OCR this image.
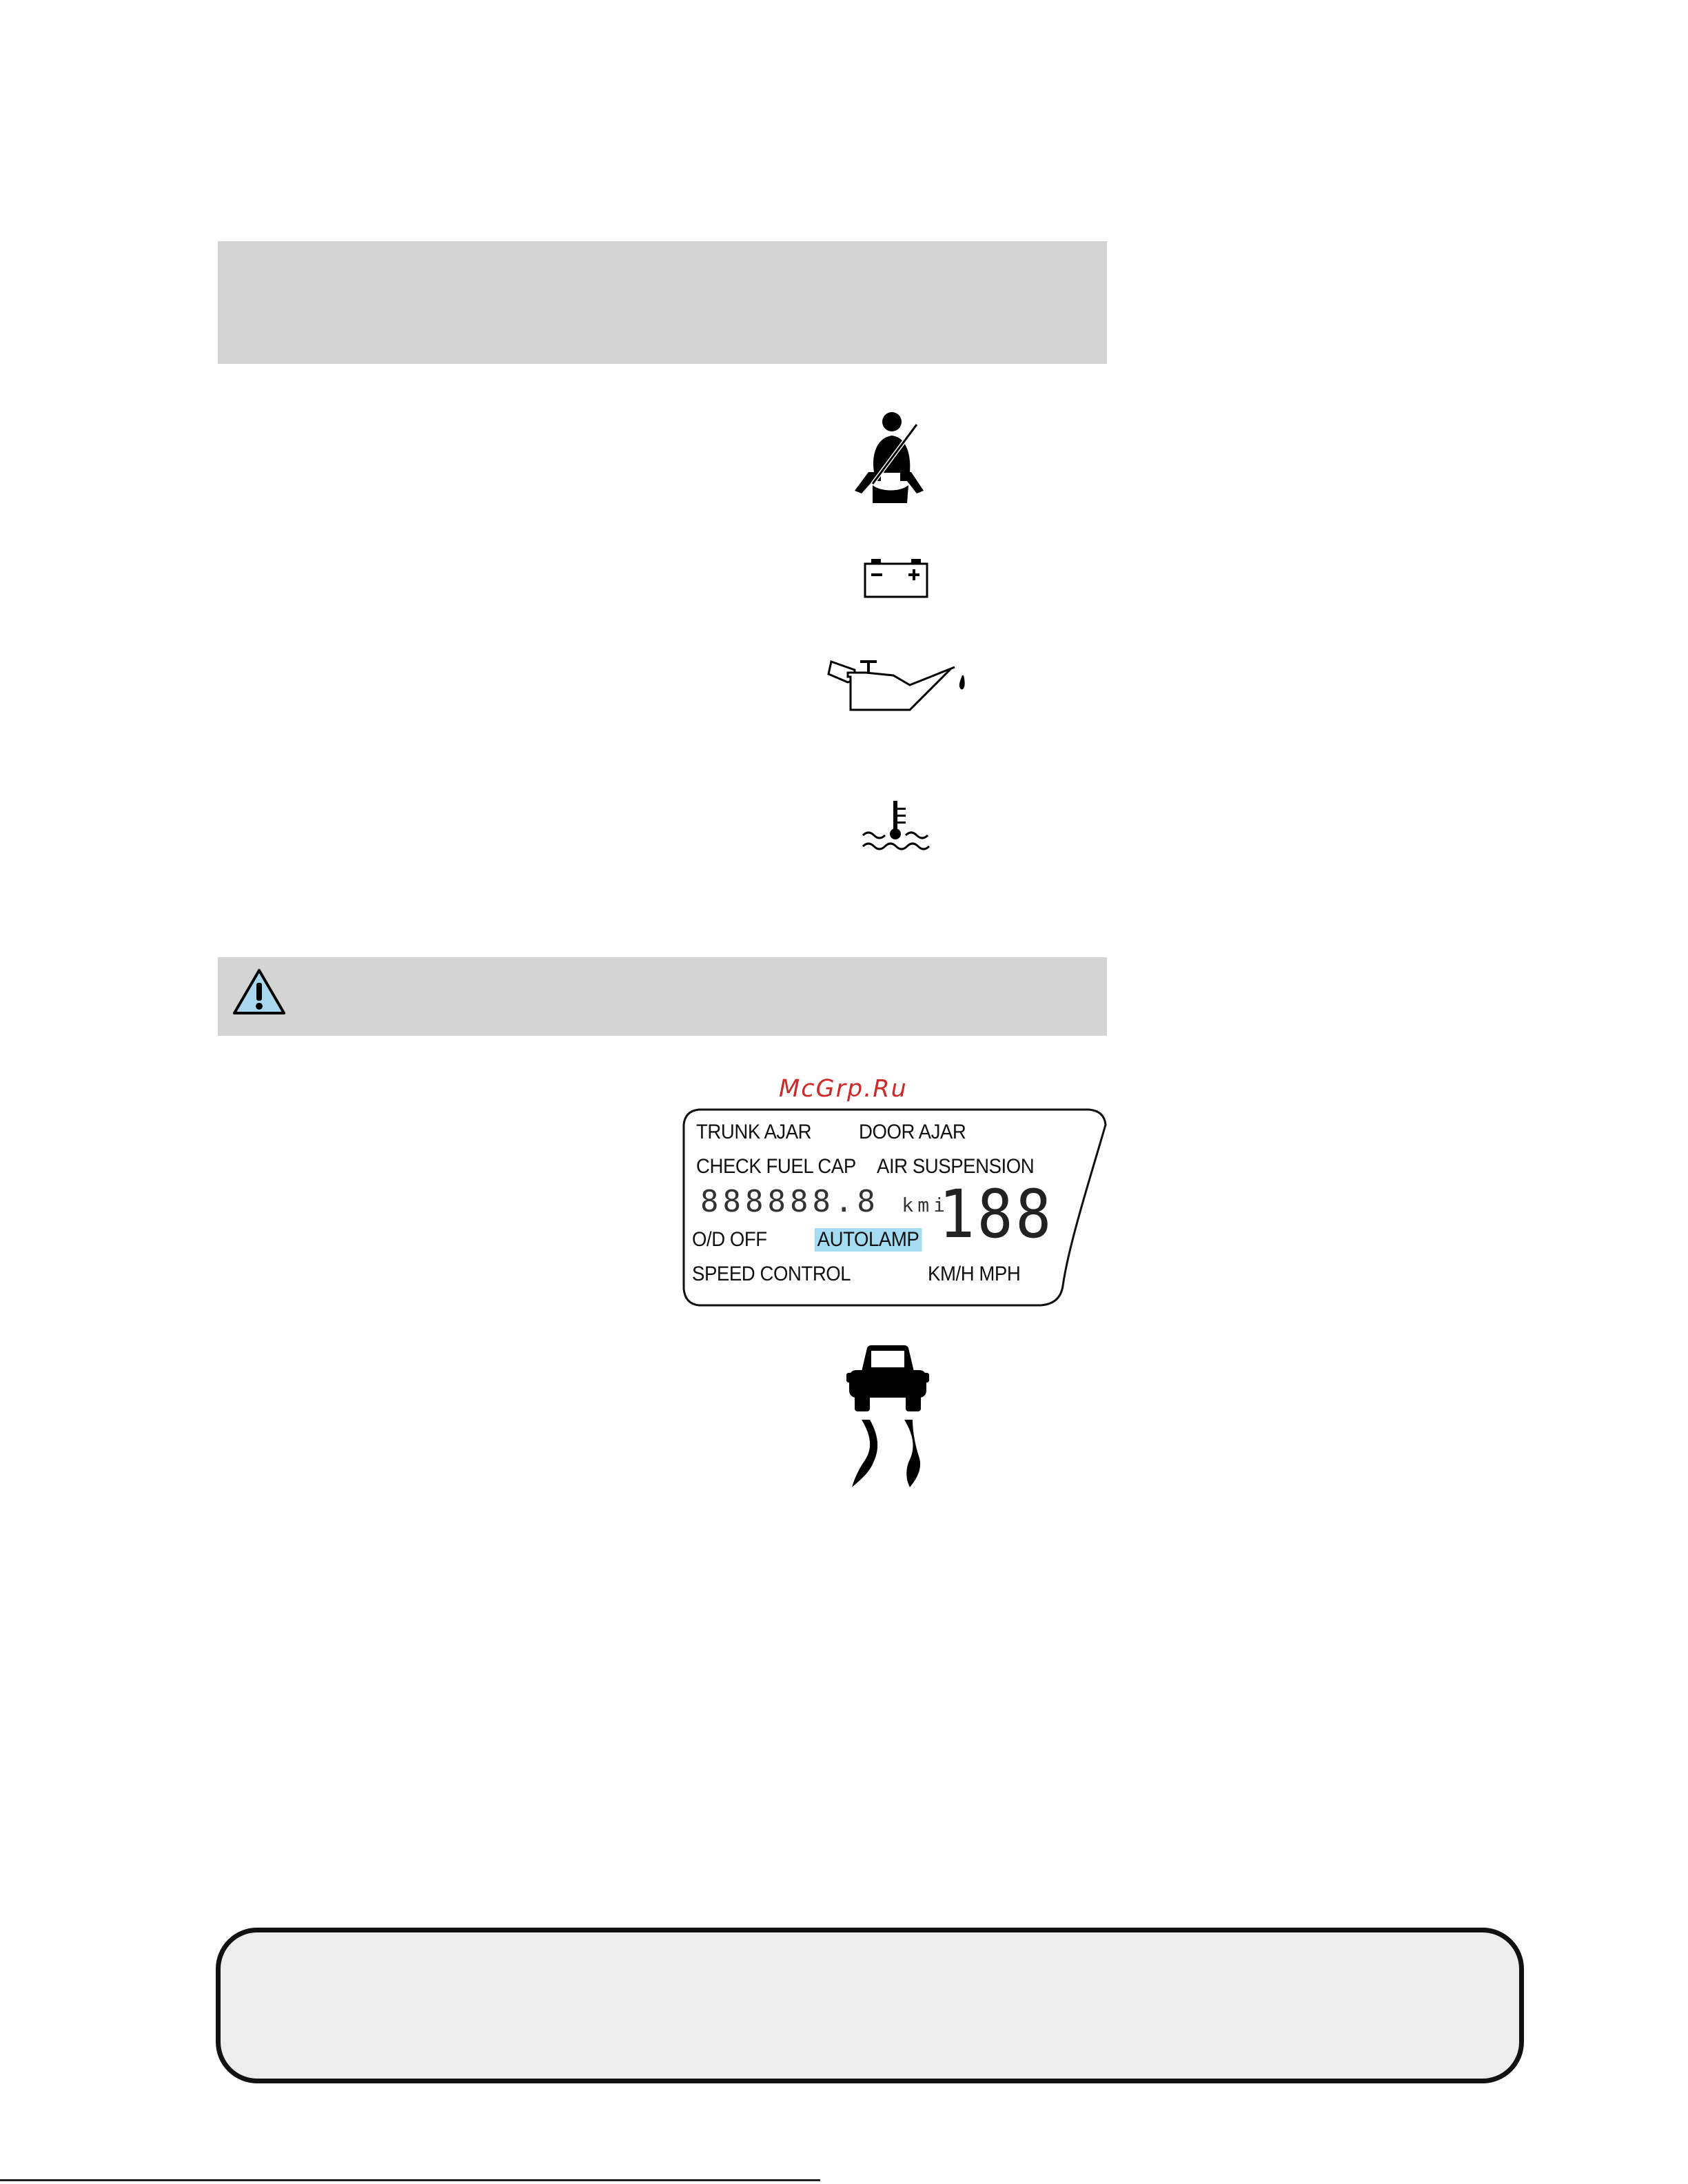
McGrp.Ru
TRUNK AJAR DOOR AJAR
CHECK FUEL CAP AIR SUSPENSION
888888.8 kmi
188
O/D OFF AUTOLAMP
SPEED CONTROL	KM/H MPH
